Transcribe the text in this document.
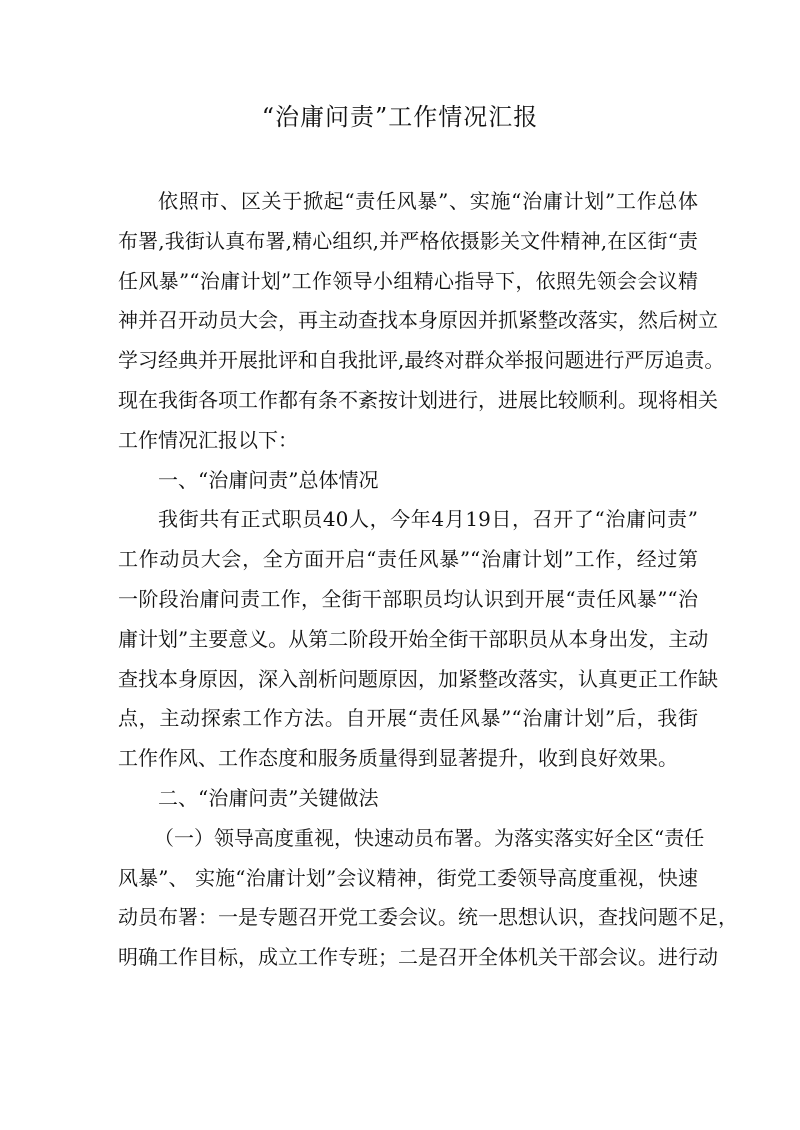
“治庸问责”工作情况汇报
依照市、区关于掀起“责任风暴”、实施“治庸计划”工作总体
布署,我街认真布署,精心组织,并严格依摄影关文件精神,在区街“责
任风暴”“治庸计划”工作领导小组精心指导下，依照先领会会议精
神并召开动员大会，再主动查找本身原因并抓紧整改落实，然后树立
学习经典并开展批评和自我批评,最终对群众举报问题进行严厉追责。
现在我街各项工作都有条不紊按计划进行，进展比较顺利。现将相关
工作情况汇报以下：
一、“治庸问责”总体情况
我街共有正式职员40人，今年4月19日，召开了“治庸问责”
工作动员大会，全方面开启“责任风暴”“治庸计划”工作，经过第
一阶段治庸问责工作，全街干部职员均认识到开展“责任风暴”“治
庸计划”主要意义。从第二阶段开始全街干部职员从本身出发，主动
查找本身原因，深入剖析问题原因，加紧整改落实，认真更正工作缺
点，主动探索工作方法。自开展“责任风暴”“治庸计划”后，我街
工作作风、工作态度和服务质量得到显著提升，收到良好效果。
二、“治庸问责”关键做法
（一）领导高度重视，快速动员布署。为落实落实好全区“责任
风暴”、 实施“治庸计划”会议精神，街党工委领导高度重视，快速
动员布署：一是专题召开党工委会议。统一思想认识，查找问题不足，
明确工作目标，成立工作专班；二是召开全体机关干部会议。进行动
